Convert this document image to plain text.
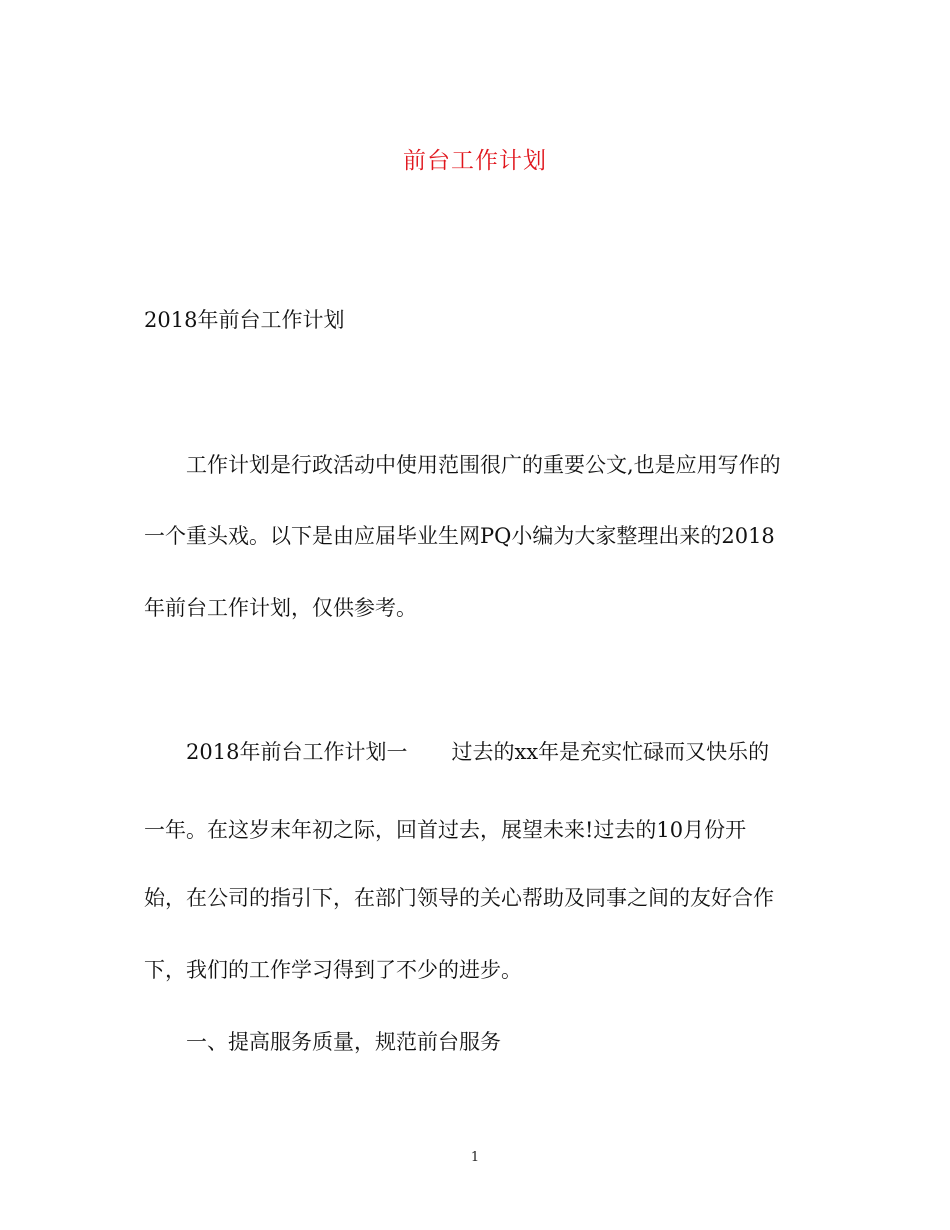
前台工作计划
2018年前台工作计划
工作计划是行政活动中使用范围很广的重要公文,也是应用写作的
一个重头戏。以下是由应届毕业生网PQ小编为大家整理出来的2018
年前台工作计划，仅供参考。
2018年前台工作计划一 过去的xx年是充实忙碌而又快乐的
一年。在这岁末年初之际，回首过去，展望未来!过去的10月份开
始，在公司的指引下，在部门领导的关心帮助及同事之间的友好合作
下，我们的工作学习得到了不少的进步。
一、提高服务质量，规范前台服务
1
